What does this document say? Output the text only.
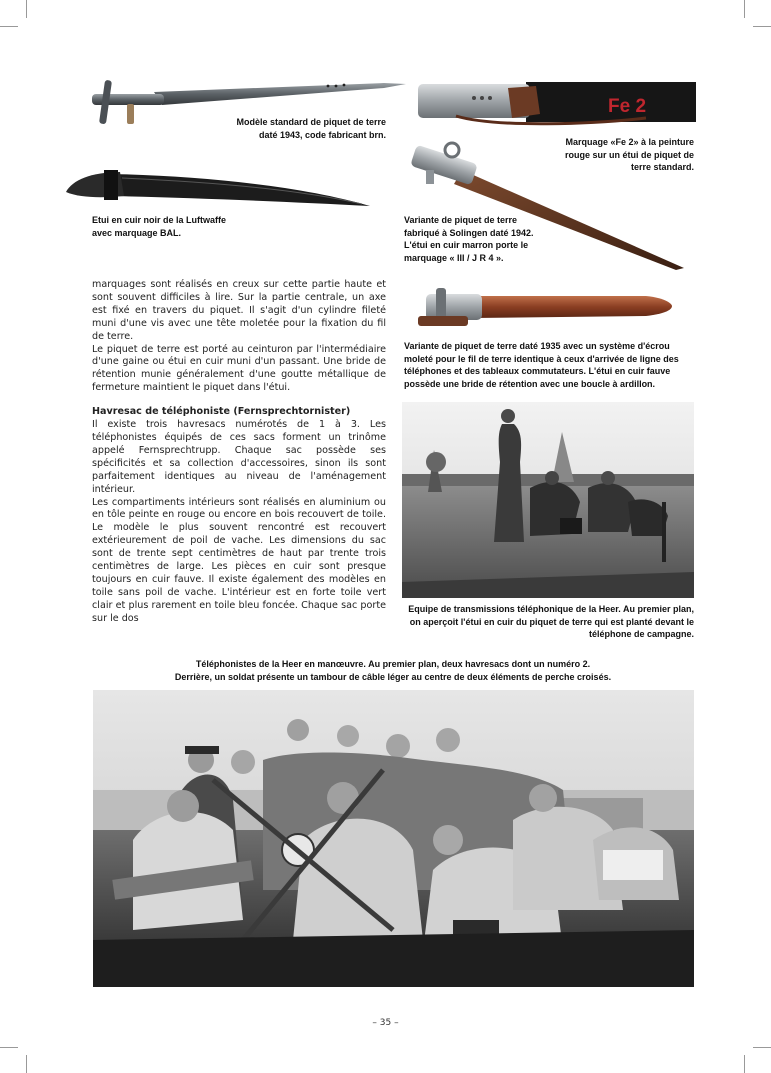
Modèle standard de piquet de terre
daté 1943, code fabricant brn.
Fe 2
Marquage «Fe 2» à la peinture
rouge sur un étui de piquet de
terre standard.
Etui en cuir noir de la Luftwaffe
avec marquage BAL.
Variante de piquet de terre
fabriqué à Solingen daté 1942.
L'étui en cuir marron porte le
marquage « III / J R 4 ».
Variante de piquet de terre daté 1935 avec un système d'écrou
moleté pour le fil de terre identique à ceux d'arrivée de ligne des
téléphones et des tableaux commutateurs. L'étui en cuir fauve
possède une bride de rétention avec une boucle à ardillon.

marquages sont réalisés en creux sur cette partie haute et sont souvent difficiles à lire. Sur la partie centrale, un axe est fixé en travers du piquet. Il s'agit d'un cylindre fileté muni d'une vis avec une tête moletée pour la fixation du fil de terre.

Le piquet de terre est porté au ceinturon par l'intermédiaire d'une gaine ou étui en cuir muni d'un passant. Une bride de rétention munie généralement d'une goutte métallique de fermeture maintient le piquet dans l'étui.

Havresac de téléphoniste (Fernsprechtornister)

Il existe trois havresacs numérotés de 1 à 3. Les téléphonistes équipés de ces sacs forment un trinôme appelé Fernsprechtrupp. Chaque sac possède ses spécificités et sa collection d'accessoires, sinon ils sont parfaitement identiques au niveau de l'aménagement intérieur.

Les compartiments intérieurs sont réalisés en aluminium ou en tôle peinte en rouge ou encore en bois recouvert de toile. Le modèle le plus souvent rencontré est recouvert extérieurement de poil de vache. Les dimensions du sac sont de trente sept centimètres de haut par trente trois centimètres de large. Les pièces en cuir sont presque toujours en cuir fauve. Il existe également des modèles en toile sans poil de vache. L'intérieur est en forte toile vert clair et plus rarement en toile bleu foncée. Chaque sac porte sur le dos

Equipe de transmissions téléphonique de la Heer. Au premier plan,
on aperçoit l'étui en cuir du piquet de terre qui est planté devant le
téléphone de campagne.
Téléphonistes de la Heer en manœuvre. Au premier plan, deux havresacs dont un numéro 2.
Derrière, un soldat présente un tambour de câble léger au centre de deux éléments de perche croisés.
– 35 –
